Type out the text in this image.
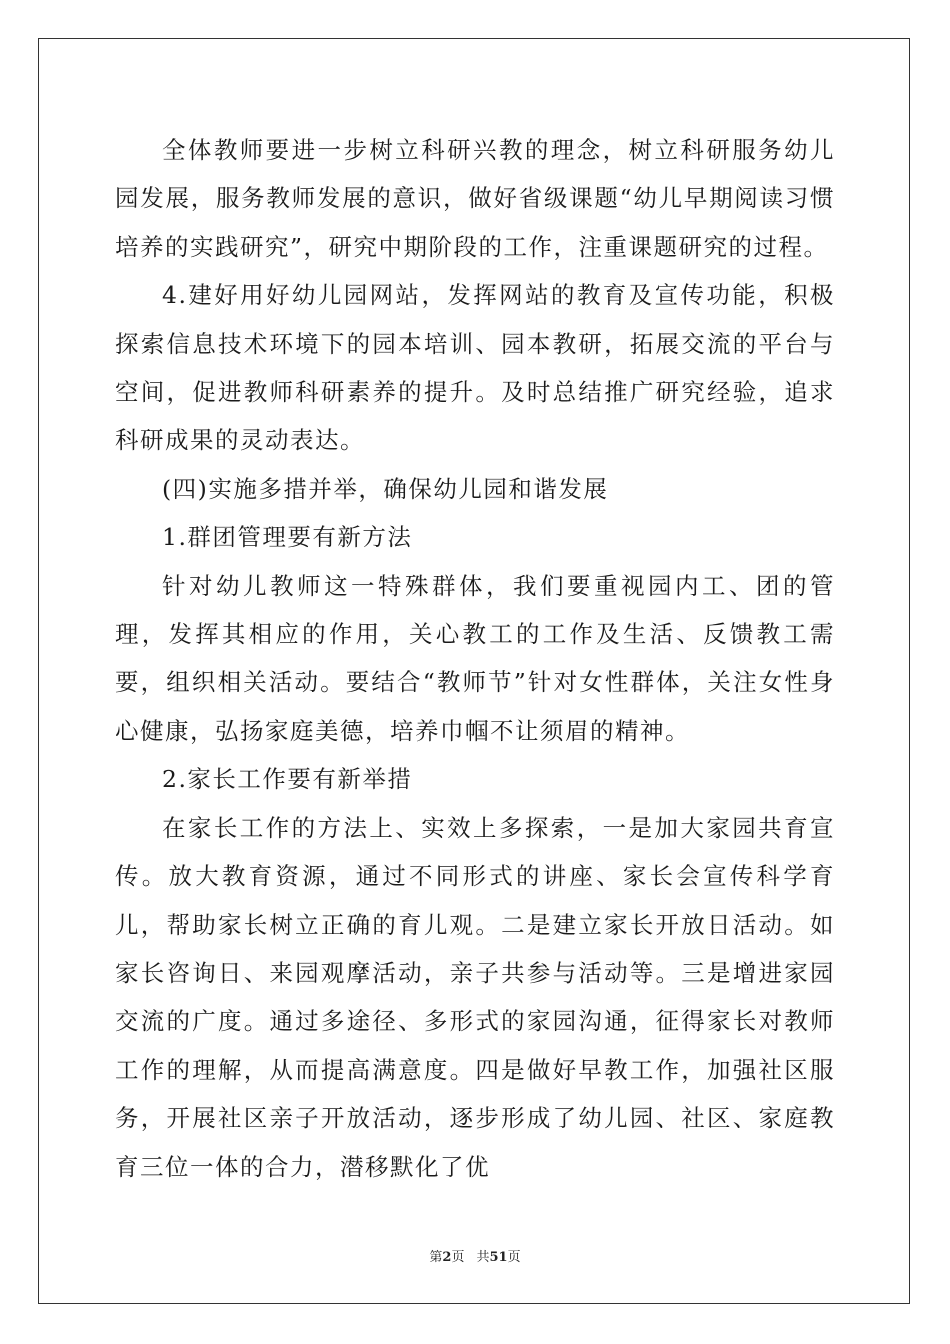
全体教师要进一步树立科研兴教的理念，树立科研服务幼儿园发展，服务教师发展的意识，做好省级课题“幼儿早期阅读习惯培养的实践研究”，研究中期阶段的工作，注重课题研究的过程。

4.建好用好幼儿园网站，发挥网站的教育及宣传功能，积极探索信息技术环境下的园本培训、园本教研，拓展交流的平台与空间，促进教师科研素养的提升。及时总结推广研究经验，追求科研成果的灵动表达。

(四)实施多措并举，确保幼儿园和谐发展

1.群团管理要有新方法

针对幼儿教师这一特殊群体，我们要重视园内工、团的管理，发挥其相应的作用，关心教工的工作及生活、反馈教工需要，组织相关活动。要结合“教师节”针对女性群体，关注女性身心健康，弘扬家庭美德，培养巾帼不让须眉的精神。

2.家长工作要有新举措

在家长工作的方法上、实效上多探索，一是加大家园共育宣传。放大教育资源，通过不同形式的讲座、家长会宣传科学育儿，帮助家长树立正确的育儿观。二是建立家长开放日活动。如家长咨询日、来园观摩活动，亲子共参与活动等。三是增进家园交流的广度。通过多途径、多形式的家园沟通，征得家长对教师工作的理解，从而提高满意度。四是做好早教工作，加强社区服务，开展社区亲子开放活动，逐步形成了幼儿园、社区、家庭教育三位一体的合力，潜移默化了优

第2页 共51页
